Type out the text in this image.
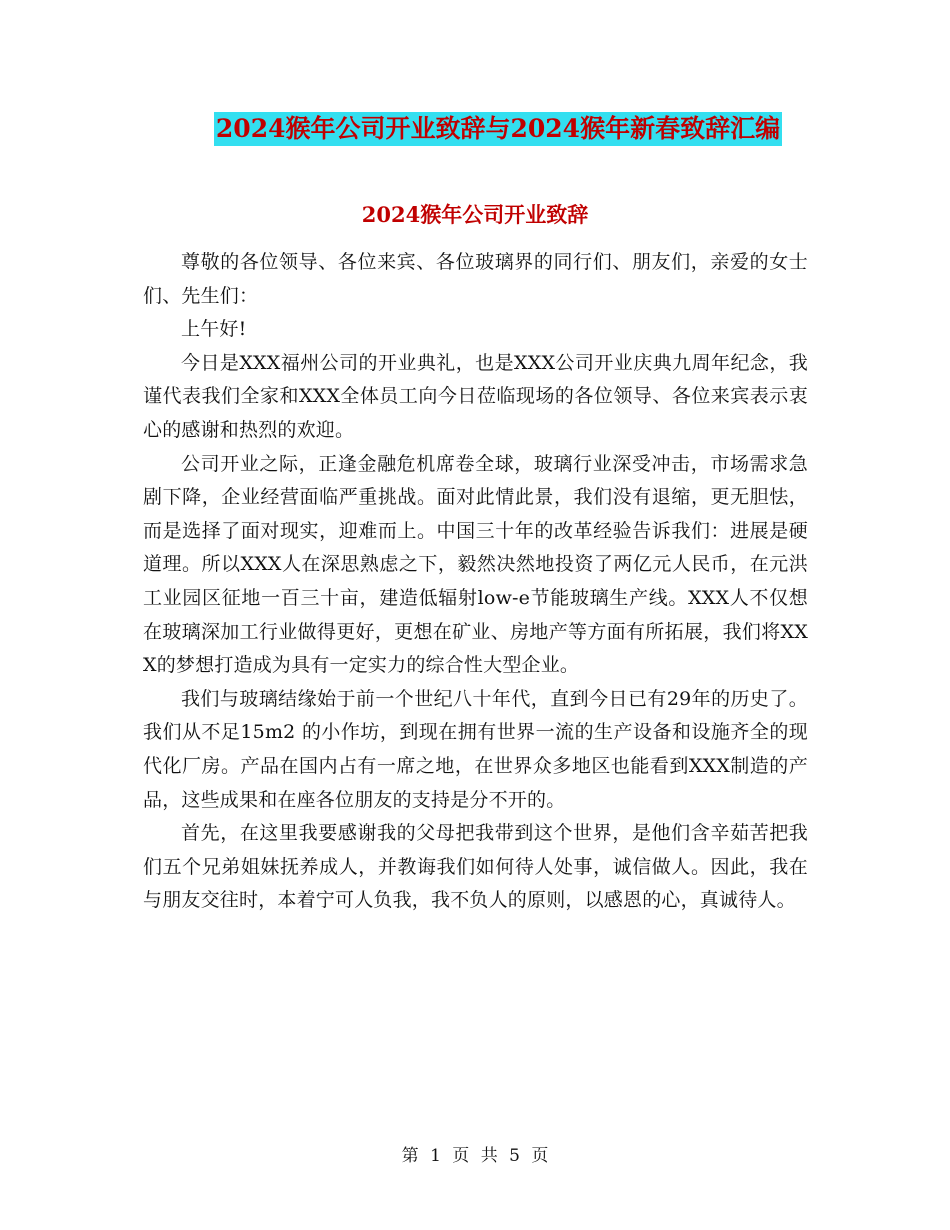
2024猴年公司开业致辞与2024猴年新春致辞汇编
2024猴年公司开业致辞

尊敬的各位领导、各位来宾、各位玻璃界的同行们、朋友们，亲爱的女士们、先生们：

上午好!

今日是XXX福州公司的开业典礼，也是XXX公司开业庆典九周年纪念，我谨代表我们全家和XXX全体员工向今日莅临现场的各位领导、各位来宾表示衷心的感谢和热烈的欢迎。

公司开业之际，正逢金融危机席卷全球，玻璃行业深受冲击，市场需求急剧下降，企业经营面临严重挑战。面对此情此景，我们没有退缩，更无胆怯，而是选择了面对现实，迎难而上。中国三十年的改革经验告诉我们：进展是硬道理。所以XXX人在深思熟虑之下，毅然决然地投资了两亿元人民币，在元洪工业园区征地一百三十亩，建造低辐射low-e节能玻璃生产线。XXX人不仅想在玻璃深加工行业做得更好，更想在矿业、房地产等方面有所拓展，我们将XXX的梦想打造成为具有一定实力的综合性大型企业。

我们与玻璃结缘始于前一个世纪八十年代，直到今日已有29年的历史了。我们从不足15m2 的小作坊，到现在拥有世界一流的生产设备和设施齐全的现代化厂房。产品在国内占有一席之地，在世界众多地区也能看到XXX制造的产品，这些成果和在座各位朋友的支持是分不开的。

首先，在这里我要感谢我的父母把我带到这个世界，是他们含辛茹苦把我们五个兄弟姐妹抚养成人，并教诲我们如何待人处事，诚信做人。因此，我在与朋友交往时，本着宁可人负我，我不负人的原则，以感恩的心，真诚待人。

第 1 页 共 5 页
